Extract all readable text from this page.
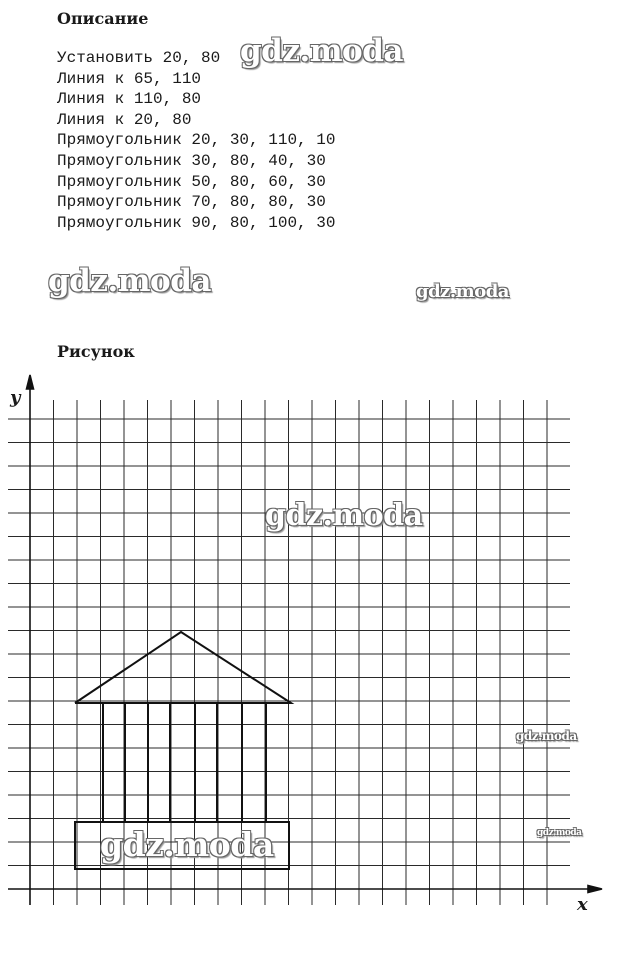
Описание
Установить 20, 80
Линия к 65, 110
Линия к 110, 80
Линия к 20, 80
Прямоугольник 20, 30, 110, 10
Прямоугольник 30, 80, 40, 30
Прямоугольник 50, 80, 60, 30
Прямоугольник 70, 80, 80, 30
Прямоугольник 90, 80, 100, 30
Рисунок
y
x
gdz.moda
gdz.moda	gdz.moda
gdz.moda
gdz.moda
gdz.moda
gdz.moda
